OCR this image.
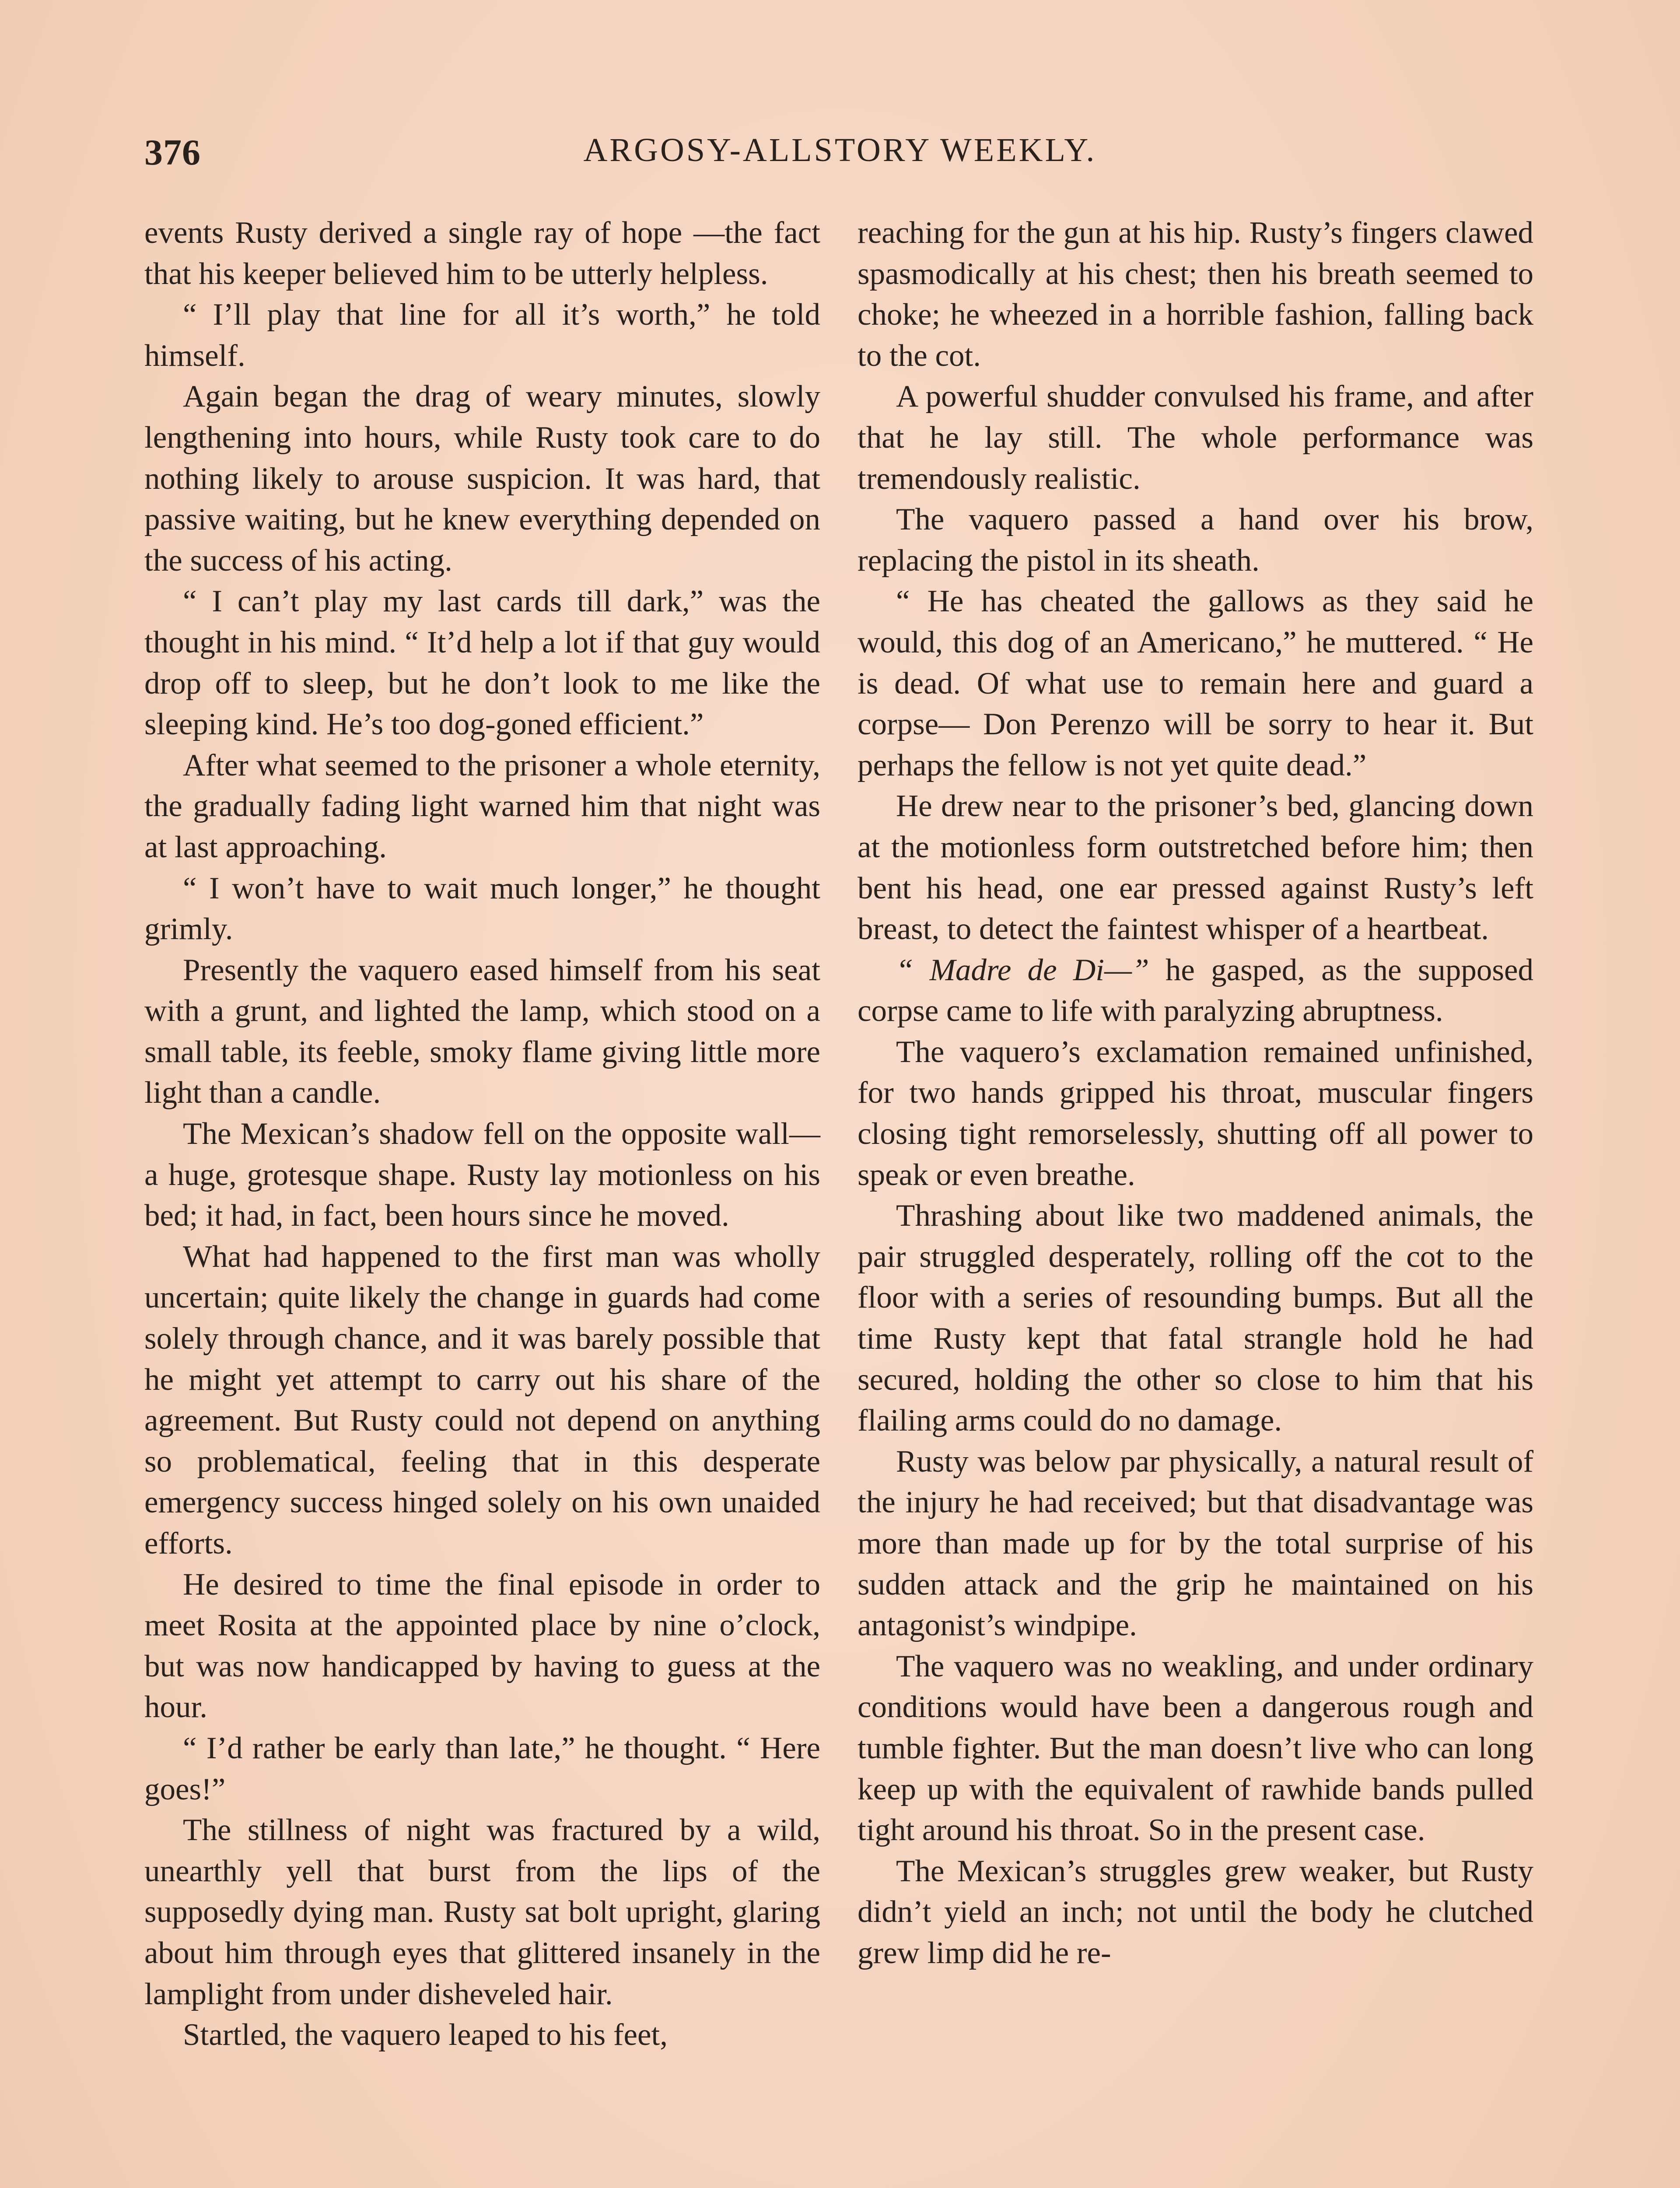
376	ARGOSY-ALLSTORY WEEKLY.

events Rusty derived a single ray of hope —the fact that his keeper believed him to be utterly helpless.

“ I’ll play that line for all it’s worth,” he told himself.

Again began the drag of weary minutes, slowly lengthening into hours, while Rusty took care to do nothing likely to arouse suspicion. It was hard, that passive waiting, but he knew everything depended on the success of his acting.

“ I can’t play my last cards till dark,” was the thought in his mind. “ It’d help a lot if that guy would drop off to sleep, but he don’t look to me like the sleeping kind. He’s too dog-goned efficient.”

After what seemed to the prisoner a whole eternity, the gradually fading light warned him that night was at last approaching.

“ I won’t have to wait much longer,” he thought grimly.

Presently the vaquero eased himself from his seat with a grunt, and lighted the lamp, which stood on a small table, its feeble, smoky flame giving little more light than a candle.

The Mexican’s shadow fell on the opposite wall—a huge, grotesque shape. Rusty lay motionless on his bed; it had, in fact, been hours since he moved.

What had happened to the first man was wholly uncertain; quite likely the change in guards had come solely through chance, and it was barely possible that he might yet attempt to carry out his share of the agreement. But Rusty could not depend on anything so problematical, feeling that in this desperate emergency success hinged solely on his own unaided efforts.

He desired to time the final episode in order to meet Rosita at the appointed place by nine o’clock, but was now handicapped by having to guess at the hour.

“ I’d rather be early than late,” he thought. “ Here goes!”

The stillness of night was fractured by a wild, unearthly yell that burst from the lips of the supposedly dying man. Rusty sat bolt upright, glaring about him through eyes that glittered insanely in the lamplight from under disheveled hair.

Startled, the vaquero leaped to his feet,

reaching for the gun at his hip. Rusty’s fingers clawed spasmodically at his chest; then his breath seemed to choke; he wheezed in a horrible fashion, falling back to the cot.

A powerful shudder convulsed his frame, and after that he lay still. The whole performance was tremendously realistic.

The vaquero passed a hand over his brow, replacing the pistol in its sheath.

“ He has cheated the gallows as they said he would, this dog of an Americano,” he muttered. “ He is dead. Of what use to remain here and guard a corpse— Don Perenzo will be sorry to hear it. But perhaps the fellow is not yet quite dead.”

He drew near to the prisoner’s bed, glancing down at the motionless form outstretched before him; then bent his head, one ear pressed against Rusty’s left breast, to detect the faintest whisper of a heartbeat.

“ Madre de Di—” he gasped, as the supposed corpse came to life with paralyzing abruptness.

The vaquero’s exclamation remained unfinished, for two hands gripped his throat, muscular fingers closing tight remorselessly, shutting off all power to speak or even breathe.

Thrashing about like two maddened animals, the pair struggled desperately, rolling off the cot to the floor with a series of resounding bumps. But all the time Rusty kept that fatal strangle hold he had secured, holding the other so close to him that his flailing arms could do no damage.

Rusty was below par physically, a natural result of the injury he had received; but that disadvantage was more than made up for by the total surprise of his sudden attack and the grip he maintained on his antagonist’s windpipe.

The vaquero was no weakling, and under ordinary conditions would have been a dangerous rough and tumble fighter. But the man doesn’t live who can long keep up with the equivalent of rawhide bands pulled tight around his throat. So in the present case.

The Mexican’s struggles grew weaker, but Rusty didn’t yield an inch; not until the body he clutched grew limp did he re-
